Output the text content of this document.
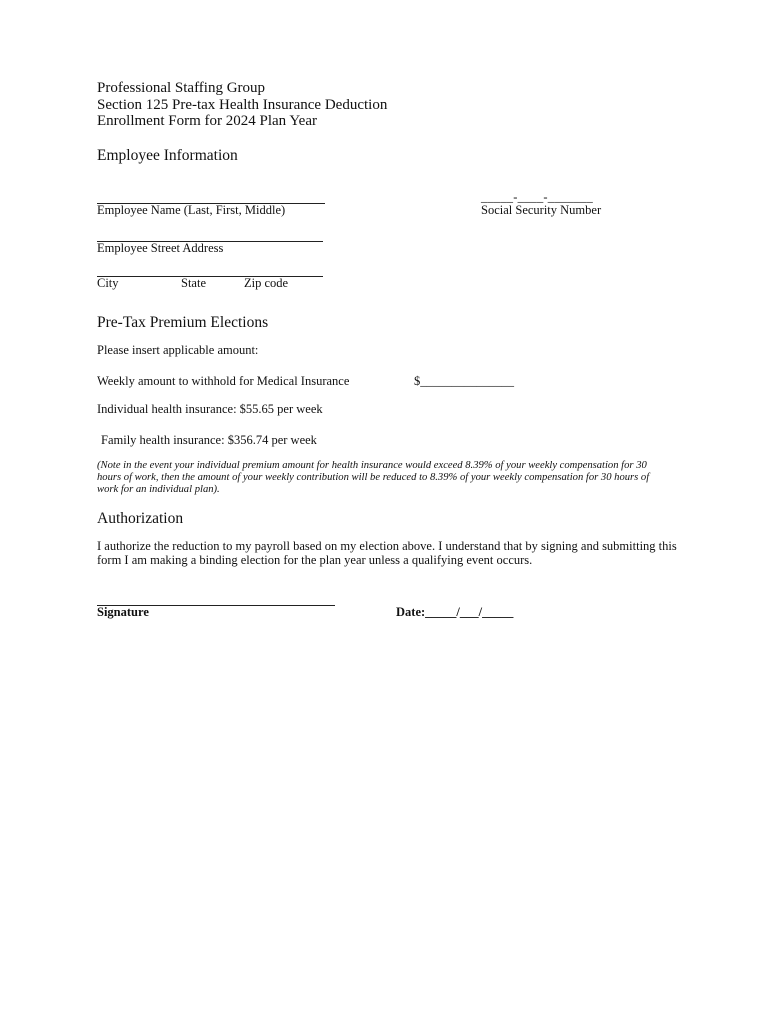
Professional Staffing Group
Section 125 Pre-tax Health Insurance Deduction
Enrollment Form for 2024 Plan Year
Employee Information
_____-____-_______
Employee Name (Last, First, Middle)	Social Security Number
Employee Street Address
City	State	Zip code
Pre-Tax Premium Elections
Please insert applicable amount:
Weekly amount to withhold for Medical Insurance	$_______________
Individual health insurance: $55.65 per week
Family health insurance: $356.74 per week
(Note in the event your individual premium amount for health insurance would exceed 8.39% of your weekly compensation for 30 hours of work, then the amount of your weekly contribution will be reduced to 8.39% of your weekly compensation for 30 hours of work for an individual plan).
Authorization
I authorize the reduction to my payroll based on my election above. I understand that by signing and submitting this form I am making a binding election for the plan year unless a qualifying event occurs.
Signature	Date:_____/___/_____
